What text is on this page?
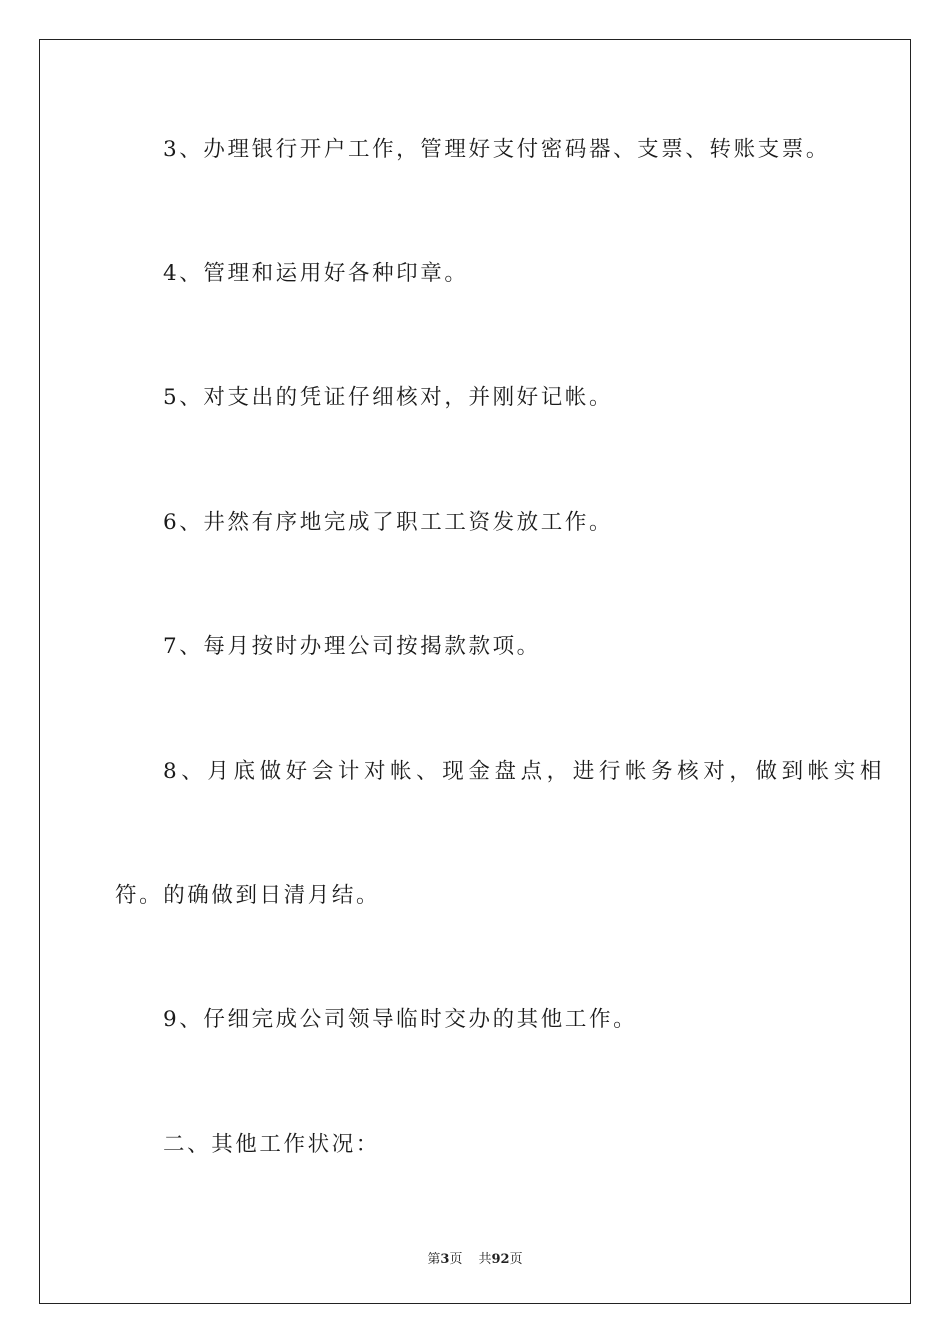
3、办理银行开户工作，管理好支付密码器、支票、转账支票。

4、管理和运用好各种印章。

5、对支出的凭证仔细核对，并刚好记帐。

6、井然有序地完成了职工工资发放工作。

7、每月按时办理公司按揭款款项。

8、月底做好会计对帐、现金盘点，进行帐务核对，做到帐实相

符。的确做到日清月结。

9、仔细完成公司领导临时交办的其他工作。

二、其他工作状况：

第3页 共92页
